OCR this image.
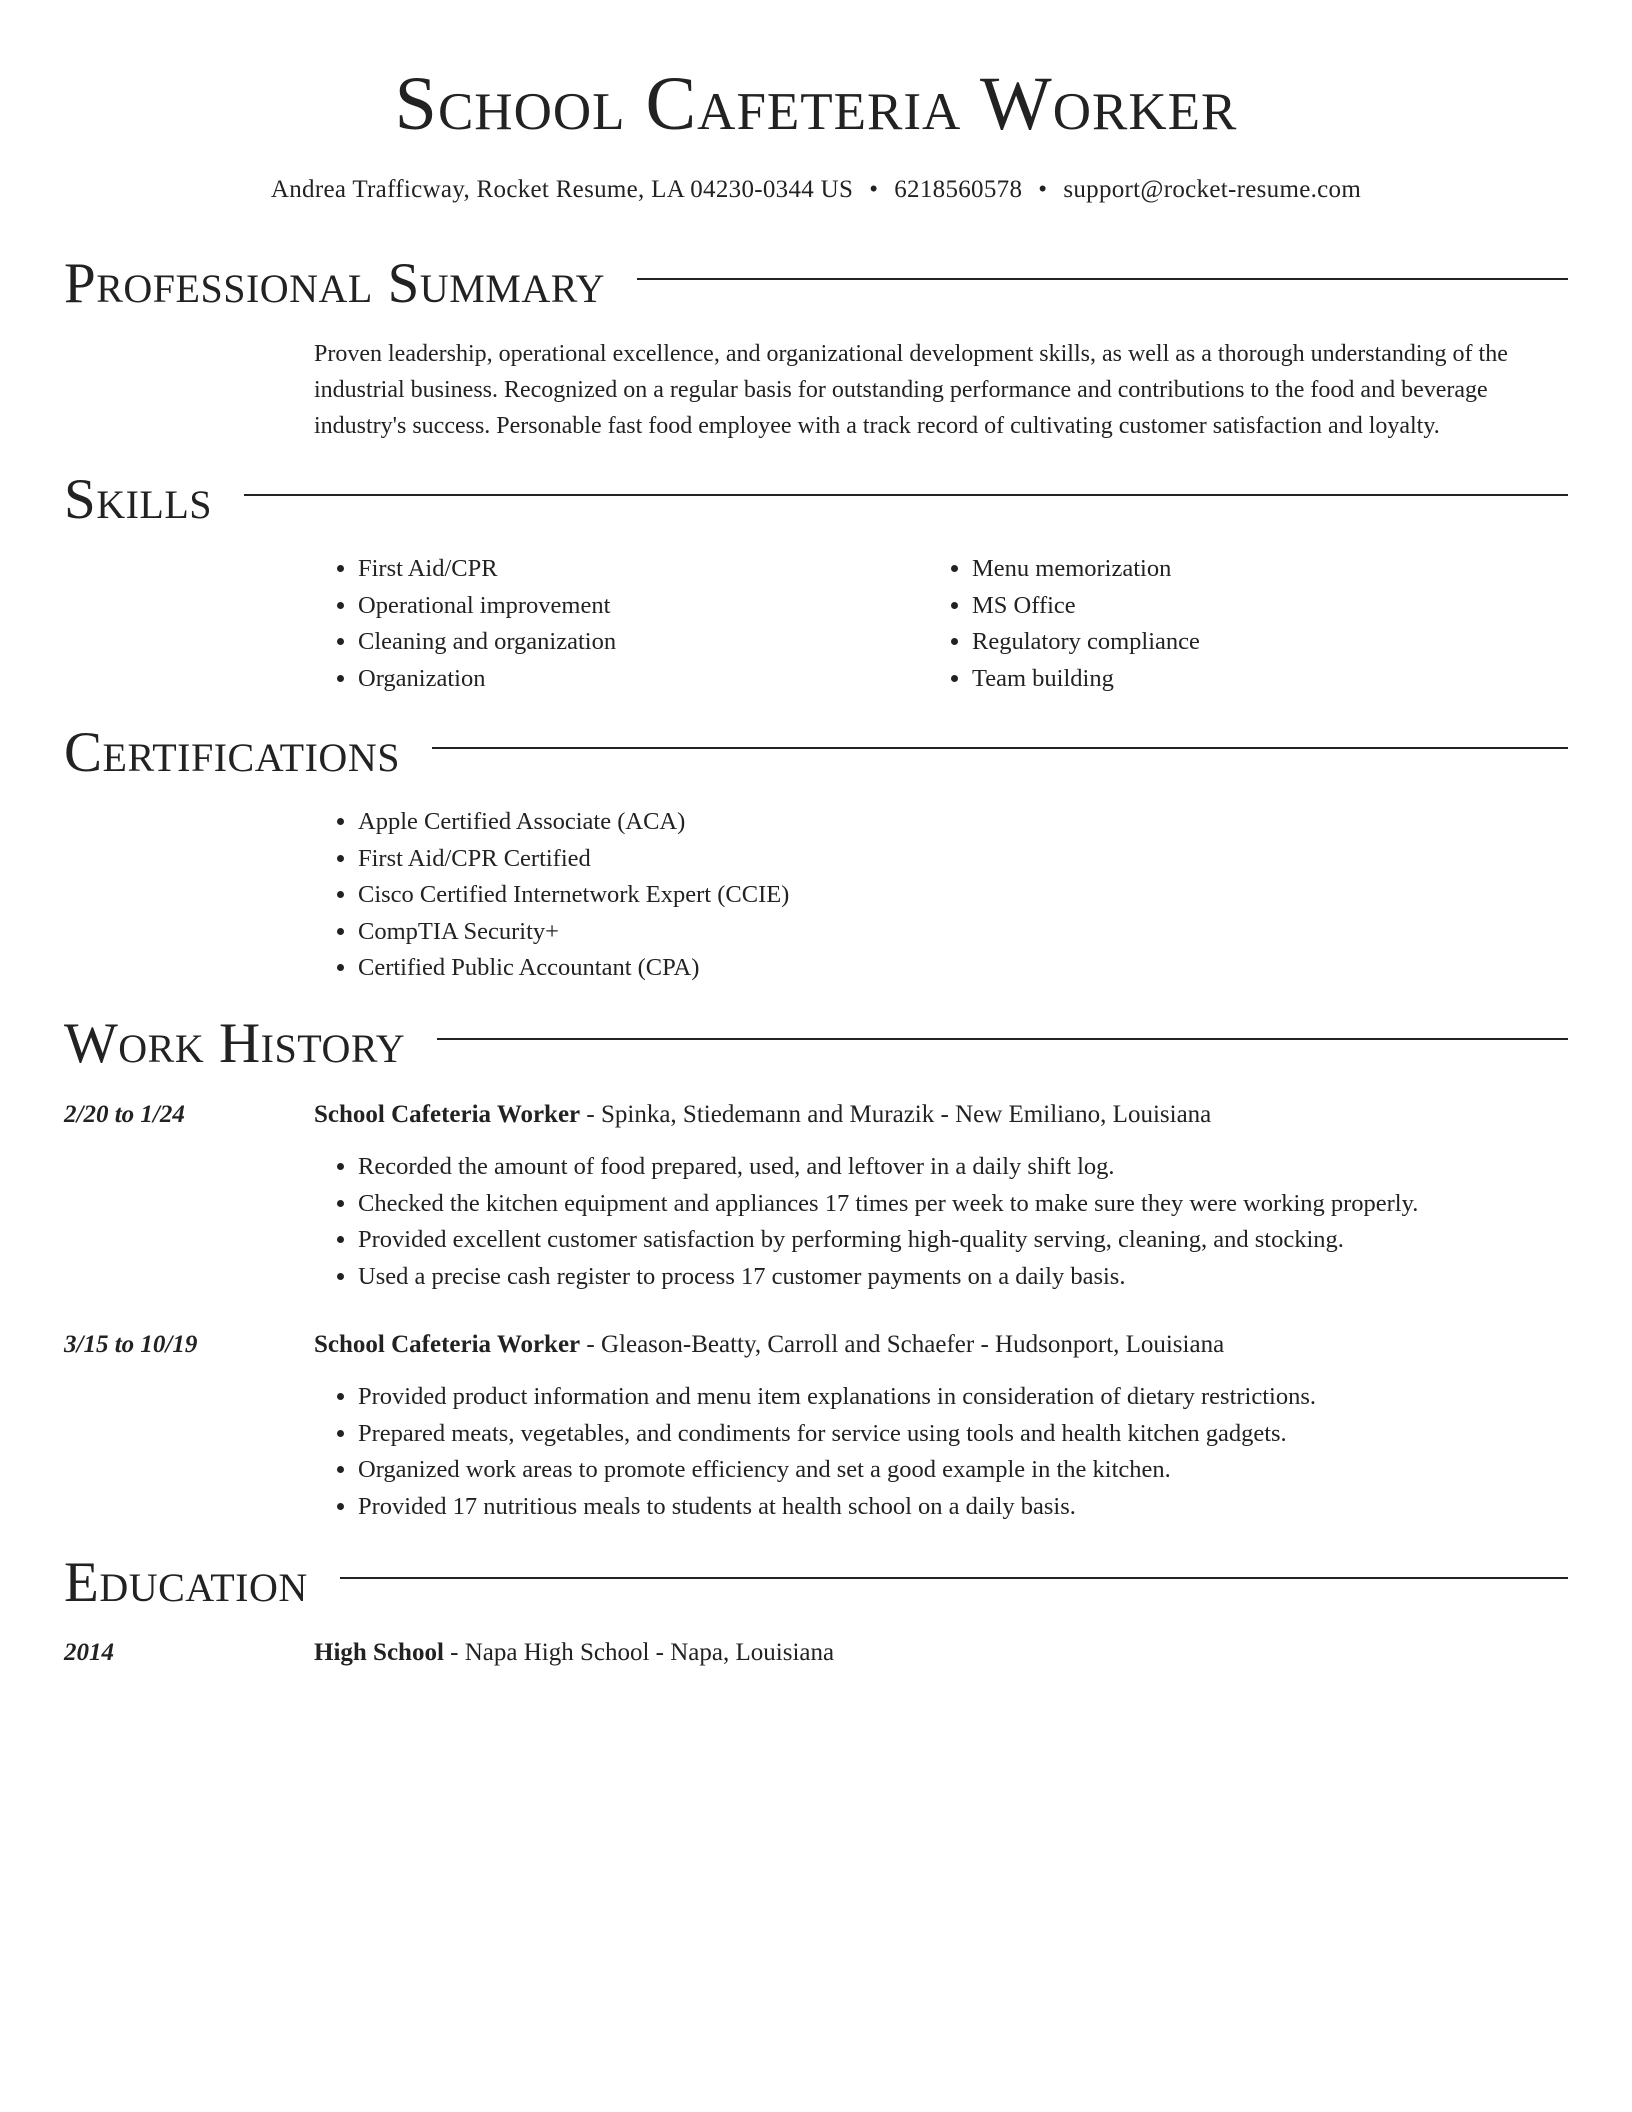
School Cafeteria Worker
Andrea Trafficway, Rocket Resume, LA 04230-0344 US • 6218560578 • support@rocket-resume.com
Professional Summary

Proven leadership, operational excellence, and organizational development skills, as well as a thorough understanding of the industrial business. Recognized on a regular basis for outstanding performance and contributions to the food and beverage industry's success. Personable fast food employee with a track record of cultivating customer satisfaction and loyalty.

Skills
• First Aid/CPR
• Operational improvement
• Cleaning and organization
• Organization
• Menu memorization
• MS Office
• Regulatory compliance
• Team building
Certifications
• Apple Certified Associate (ACA)
• First Aid/CPR Certified
• Cisco Certified Internetwork Expert (CCIE)
• CompTIA Security+
• Certified Public Accountant (CPA)
Work History
2/20 to 1/24	School Cafeteria Worker - Spinka, Stiedemann and Murazik - New Emiliano, Louisiana
• Recorded the amount of food prepared, used, and leftover in a daily shift log.
• Checked the kitchen equipment and appliances 17 times per week to make sure they were working properly.
• Provided excellent customer satisfaction by performing high-quality serving, cleaning, and stocking.
• Used a precise cash register to process 17 customer payments on a daily basis.
3/15 to 10/19	School Cafeteria Worker - Gleason-Beatty, Carroll and Schaefer - Hudsonport, Louisiana
• Provided product information and menu item explanations in consideration of dietary restrictions.
• Prepared meats, vegetables, and condiments for service using tools and health kitchen gadgets.
• Organized work areas to promote efficiency and set a good example in the kitchen.
• Provided 17 nutritious meals to students at health school on a daily basis.
Education
2014	High School - Napa High School - Napa, Louisiana
